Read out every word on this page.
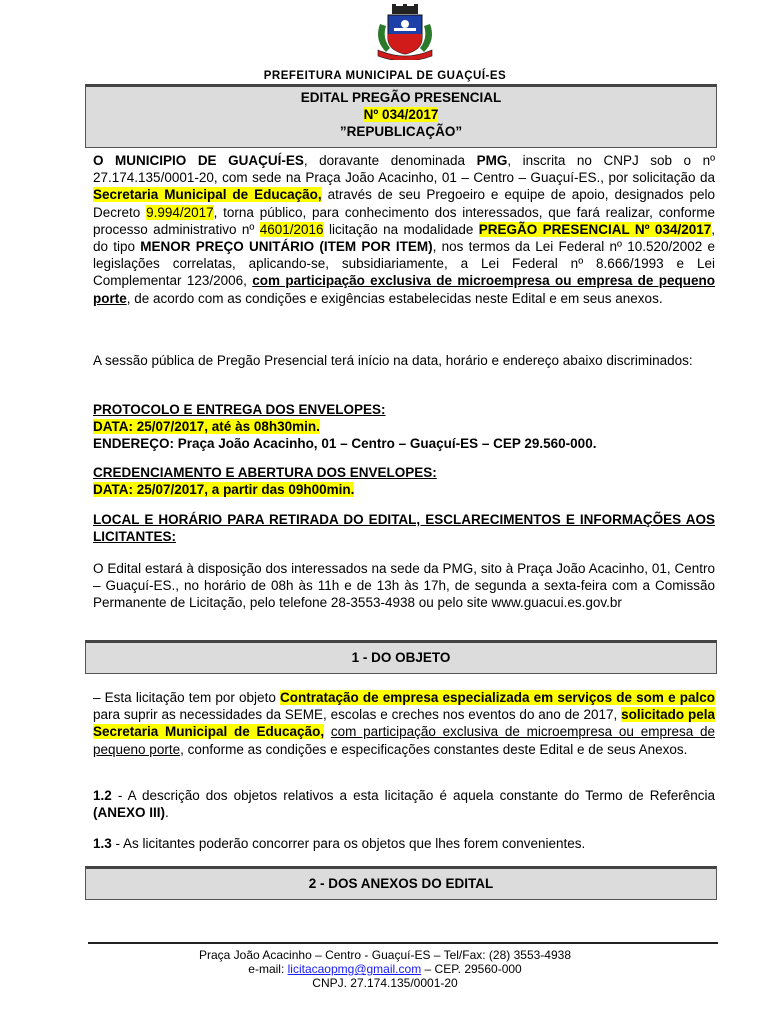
PREFEITURA MUNICIPAL DE GUAÇUÍ-ES
EDITAL PREGÃO PRESENCIAL
Nº 034/2017
”REPUBLICAÇÃO”

O MUNICIPIO DE GUAÇUÍ-ES, doravante denominada PMG, inscrita no CNPJ sob o nº 27.174.135/0001-20, com sede na Praça João Acacinho, 01 – Centro – Guaçuí-ES., por solicitação da Secretaria Municipal de Educação, através de seu Pregoeiro e equipe de apoio, designados pelo Decreto 9.994/2017, torna público, para conhecimento dos interessados, que fará realizar, conforme processo administrativo nº 4601/2016 licitação na modalidade PREGÃO PRESENCIAL Nº 034/2017, do tipo MENOR PREÇO UNITÁRIO (ITEM POR ITEM), nos termos da Lei Federal nº 10.520/2002 e legislações correlatas, aplicando-se, subsidiariamente, a Lei Federal nº 8.666/1993 e Lei Complementar 123/2006, com participação exclusiva de microempresa ou empresa de pequeno porte, de acordo com as condições e exigências estabelecidas neste Edital e em seus anexos.

A sessão pública de Pregão Presencial terá início na data, horário e endereço abaixo discriminados:

PROTOCOLO E ENTREGA DOS ENVELOPES:

DATA: 25/07/2017, até às 08h30min.

ENDEREÇO: Praça João Acacinho, 01 – Centro – Guaçuí-ES – CEP 29.560-000.

CREDENCIAMENTO E ABERTURA DOS ENVELOPES:

DATA: 25/07/2017, a partir das 09h00min.

LOCAL E HORÁRIO PARA RETIRADA DO EDITAL, ESCLARECIMENTOS E INFORMAÇÕES AOS LICITANTES:

O Edital estará à disposição dos interessados na sede da PMG, sito à Praça João Acacinho, 01, Centro – Guaçuí-ES., no horário de 08h às 11h e de 13h às 17h, de segunda a sexta-feira com a Comissão Permanente de Licitação, pelo telefone 28-3553-4938 ou pelo site www.guacui.es.gov.br

1 - DO OBJETO

– Esta licitação tem por objeto Contratação de empresa especializada em serviços de som e palco para suprir as necessidades da SEME, escolas e creches nos eventos do ano de 2017, solicitado pela Secretaria Municipal de Educação, com participação exclusiva de microempresa ou empresa de pequeno porte, conforme as condições e especificações constantes deste Edital e de seus Anexos.

1.2 - A descrição dos objetos relativos a esta licitação é aquela constante do Termo de Referência (ANEXO III).

1.3 - As licitantes poderão concorrer para os objetos que lhes forem convenientes.

2 - DOS ANEXOS DO EDITAL
Praça João Acacinho – Centro - Guaçuí-ES – Tel/Fax: (28) 3553-4938
e-mail: licitacaopmg@gmail.com – CEP. 29560-000
CNPJ. 27.174.135/0001-20
